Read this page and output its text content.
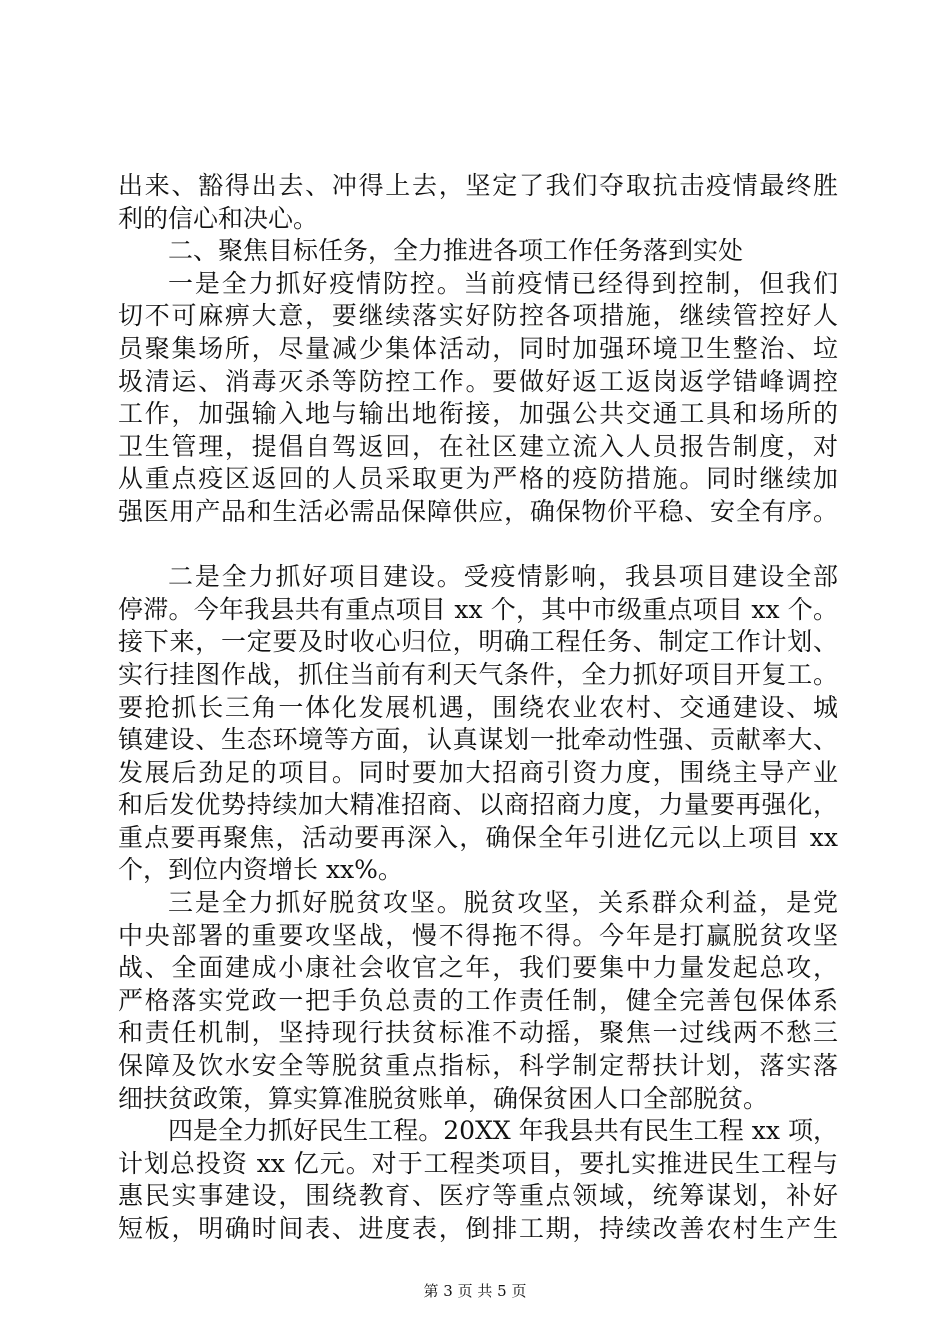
出来、豁得出去、冲得上去，坚定了我们夺取抗击疫情最终胜
利的信心和决心。
二、聚焦目标任务，全力推进各项工作任务落到实处
一是全力抓好疫情防控。当前疫情已经得到控制，但我们
切不可麻痹大意，要继续落实好防控各项措施，继续管控好人
员聚集场所，尽量减少集体活动，同时加强环境卫生整治、垃
圾清运、消毒灭杀等防控工作。要做好返工返岗返学错峰调控
工作，加强输入地与输出地衔接，加强公共交通工具和场所的
卫生管理，提倡自驾返回，在社区建立流入人员报告制度，对
从重点疫区返回的人员采取更为严格的疫防措施。同时继续加
强医用产品和生活必需品保障供应，确保物价平稳、安全有序。
二是全力抓好项目建设。受疫情影响，我县项目建设全部
停滞。今年我县共有重点项目 xx 个，其中市级重点项目 xx 个。
接下来，一定要及时收心归位，明确工程任务、制定工作计划、
实行挂图作战，抓住当前有利天气条件，全力抓好项目开复工。
要抢抓长三角一体化发展机遇，围绕农业农村、交通建设、城
镇建设、生态环境等方面，认真谋划一批牵动性强、贡献率大、
发展后劲足的项目。同时要加大招商引资力度，围绕主导产业
和后发优势持续加大精准招商、以商招商力度，力量要再强化，
重点要再聚焦，活动要再深入，确保全年引进亿元以上项目 xx
个，到位内资增长 xx%。
三是全力抓好脱贫攻坚。脱贫攻坚，关系群众利益，是党
中央部署的重要攻坚战，慢不得拖不得。今年是打赢脱贫攻坚
战、全面建成小康社会收官之年，我们要集中力量发起总攻，
严格落实党政一把手负总责的工作责任制，健全完善包保体系
和责任机制，坚持现行扶贫标准不动摇，聚焦一过线两不愁三
保障及饮水安全等脱贫重点指标，科学制定帮扶计划，落实落
细扶贫政策，算实算准脱贫账单，确保贫困人口全部脱贫。
四是全力抓好民生工程。20XX 年我县共有民生工程 xx 项，
计划总投资 xx 亿元。对于工程类项目，要扎实推进民生工程与
惠民实事建设，围绕教育、医疗等重点领域，统筹谋划，补好
短板，明确时间表、进度表，倒排工期，持续改善农村生产生
第 3 页 共 5 页
